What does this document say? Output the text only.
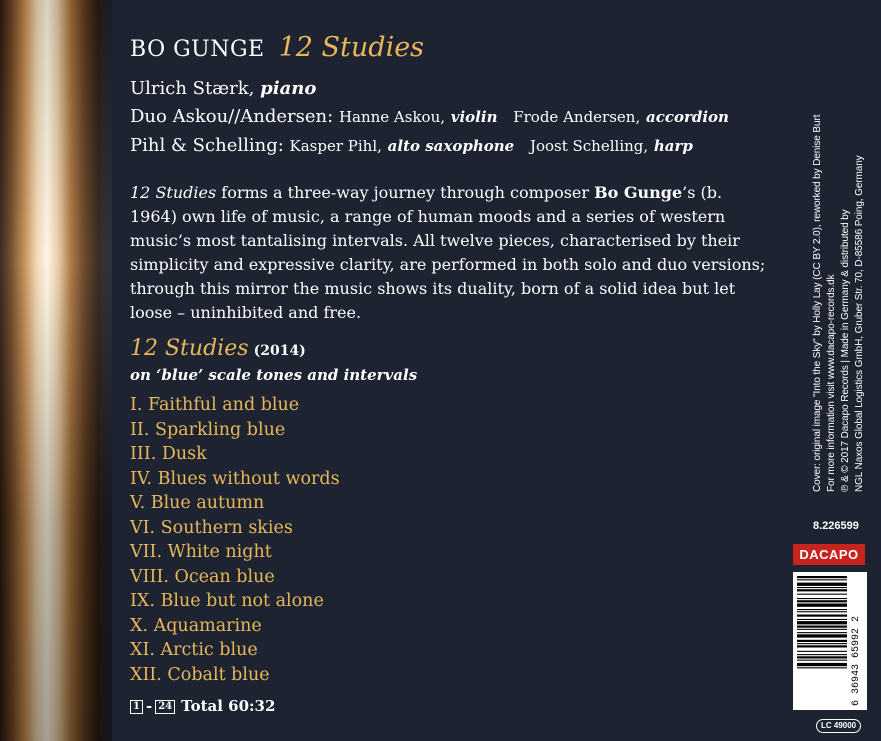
BO GUNGE 12 Studies
Ulrich Stærk, piano
Duo Askou//Andersen: Hanne Askou, violin Frode Andersen, accordion
Pihl & Schelling: Kasper Pihl, alto saxophone Joost Schelling, harp
12 Studies forms a three-way journey through composer Bo Gunge’s (b. 1964) own life of music, a range of human moods and a series of western music’s most tantalising intervals. All twelve pieces, characterised by their simplicity and expressive clarity, are performed in both solo and duo versions; through this mirror the music shows its duality, born of a solid idea but let loose – uninhibited and free.
12 Studies (2014)
on ‘blue’ scale tones and intervals
I. Faithful and blue
II. Sparkling blue
III. Dusk
IV. Blues without words
V. Blue autumn
VI. Southern skies
VII. White night
VIII. Ocean blue
IX. Blue but not alone
X. Aquamarine
XI. Arctic blue
XII. Cobalt blue
1 - 24 Total 60:32
Cover: original image "Into the Sky" by Holly Lay (CC BY 2.0), reworked by Denise Burt For more information visit www.dacapo-records.dk ℗ & © 2017 Dacapo Records | Made in Germany & distributed by NGL Naxos Global Logistics GmbH, Gruber Str. 70, D-85586 Poing, Germany
8.226599
DACAPO
6 36943 65992 2
LC 49000
